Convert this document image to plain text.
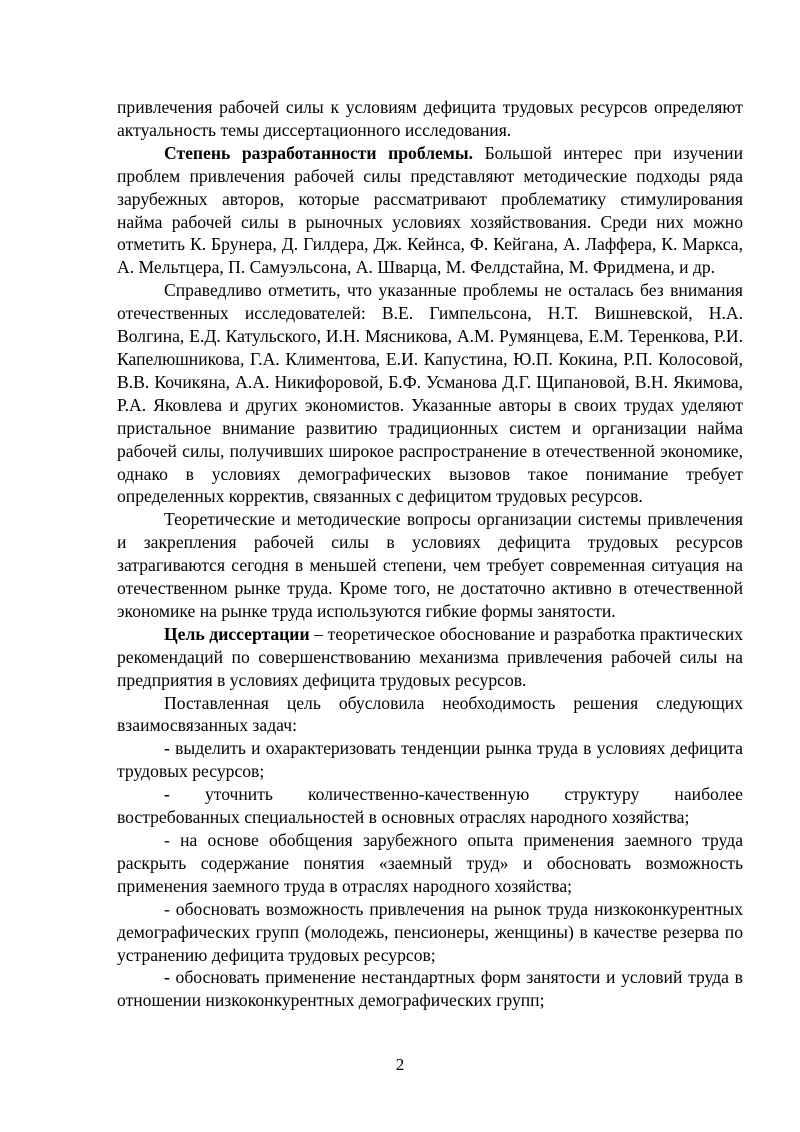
привлечения рабочей силы к условиям дефицита трудовых ресурсов определяют актуальность темы диссертационного исследования.

Степень разработанности проблемы. Большой интерес при изучении проблем привлечения рабочей силы представляют методические подходы ряда зарубежных авторов, которые рассматривают проблематику стимулирования найма рабочей силы в рыночных условиях хозяйствования. Среди них можно отметить К. Брунера, Д. Гилдера, Дж. Кейнса, Ф. Кейгана, А. Лаффера, К. Маркса, А. Мельтцера, П. Самуэльсона, А. Шварца, М. Фелдстайна, М. Фридмена, и др.

Справедливо отметить, что указанные проблемы не осталась без внимания отечественных исследователей: В.Е. Гимпельсона, Н.Т. Вишневской, Н.А. Волгина, Е.Д. Катульского, И.Н. Мясникова, А.М. Румянцева, Е.М. Теренкова, Р.И. Капелюшникова, Г.А. Климентова, Е.И. Капустина, Ю.П. Кокина, Р.П. Колосовой, В.В. Кочикяна, А.А. Никифоровой, Б.Ф. Усманова Д.Г. Щипановой, В.Н. Якимова, Р.А. Яковлева и других экономистов. Указанные авторы в своих трудах уделяют пристальное внимание развитию традиционных систем и организации найма рабочей силы, получивших широкое распространение в отечественной экономике, однако в условиях демографических вызовов такое понимание требует определенных корректив, связанных с дефицитом трудовых ресурсов.

Теоретические и методические вопросы организации системы привлечения и закрепления рабочей силы в условиях дефицита трудовых ресурсов затрагиваются сегодня в меньшей степени, чем требует современная ситуация на отечественном рынке труда. Кроме того, не достаточно активно в отечественной экономике на рынке труда используются гибкие формы занятости.

Цель диссертации – теоретическое обоснование и разработка практических рекомендаций по совершенствованию механизма привлечения рабочей силы на предприятия в условиях дефицита трудовых ресурсов.

Поставленная цель обусловила необходимость решения следующих взаимосвязанных задач:

- выделить и охарактеризовать тенденции рынка труда в условиях дефицита трудовых ресурсов;

- уточнить количественно-качественную структуру наиболее востребованных специальностей в основных отраслях народного хозяйства;

- на основе обобщения зарубежного опыта применения заемного труда раскрыть содержание понятия «заемный труд» и обосновать возможность применения заемного труда в отраслях народного хозяйства;

- обосновать возможность привлечения на рынок труда низкоконкурентных демографических групп (молодежь, пенсионеры, женщины) в качестве резерва по устранению дефицита трудовых ресурсов;

- обосновать применение нестандартных форм занятости и условий труда в отношении низкоконкурентных демографических групп;

2
